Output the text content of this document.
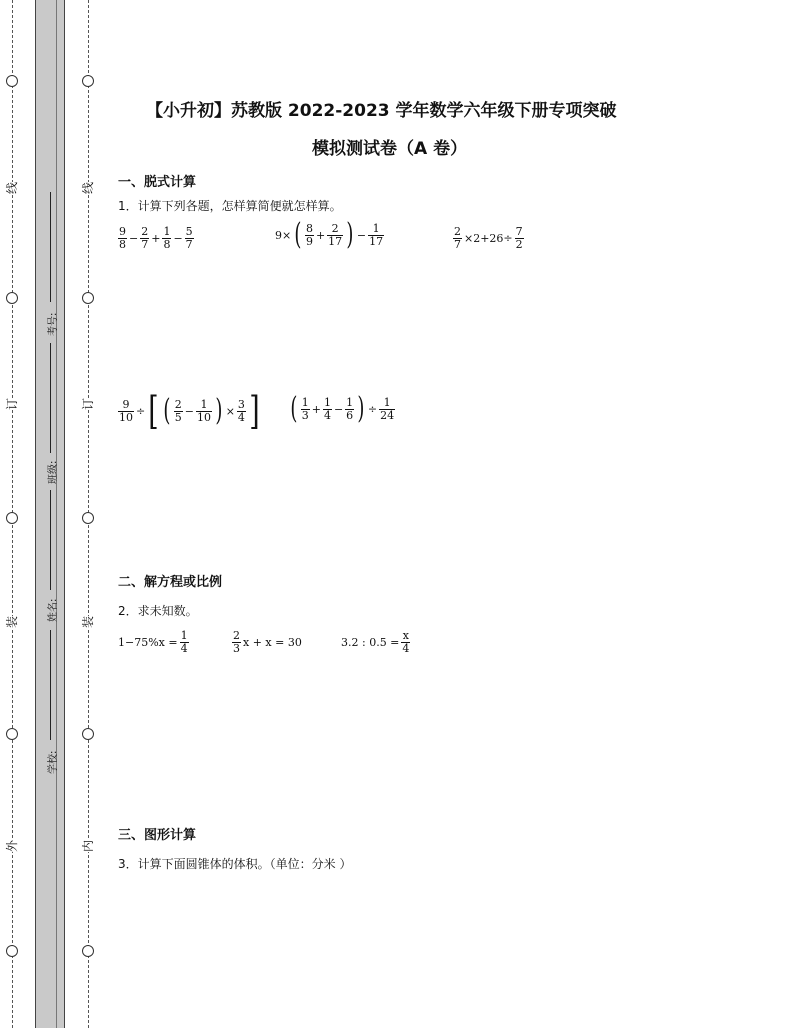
线
订
装
外
线
订
装
内
考号:
班级:
姓名:
学校:
【小升初】苏教版 2022-2023 学年数学六年级下册专项突破
模拟测试卷（A 卷）
一、脱式计算
1．计算下列各题，怎样算简便就怎样算。
$\frac{9}{8} - \frac{2}{7} + \frac{1}{8} - \frac{5}{7}$	9× ( $\frac{8}{9} + \frac{2}{17}$ ) − $\frac{1}{17}$	$\frac{2}{7} \times 2+26\div \frac{7}{2}$
$\frac{9}{10}$ ÷ [ ( $\frac{2}{5} - \frac{1}{10}$ ) × $\frac{3}{4}$ ] ( $\frac{1}{3} + \frac{1}{4} - \frac{1}{6}$ ) ÷ $\frac{1}{24}$
二、解方程或比例
2．求未知数。
$1-75\%x = \frac{1}{4}$	$\frac{2}{3}$ x + x = 30	3.2 : $0.5 = \frac{x}{4}$
三、图形计算
3．计算下面圆锥体的体积。（单位：分米 ）
